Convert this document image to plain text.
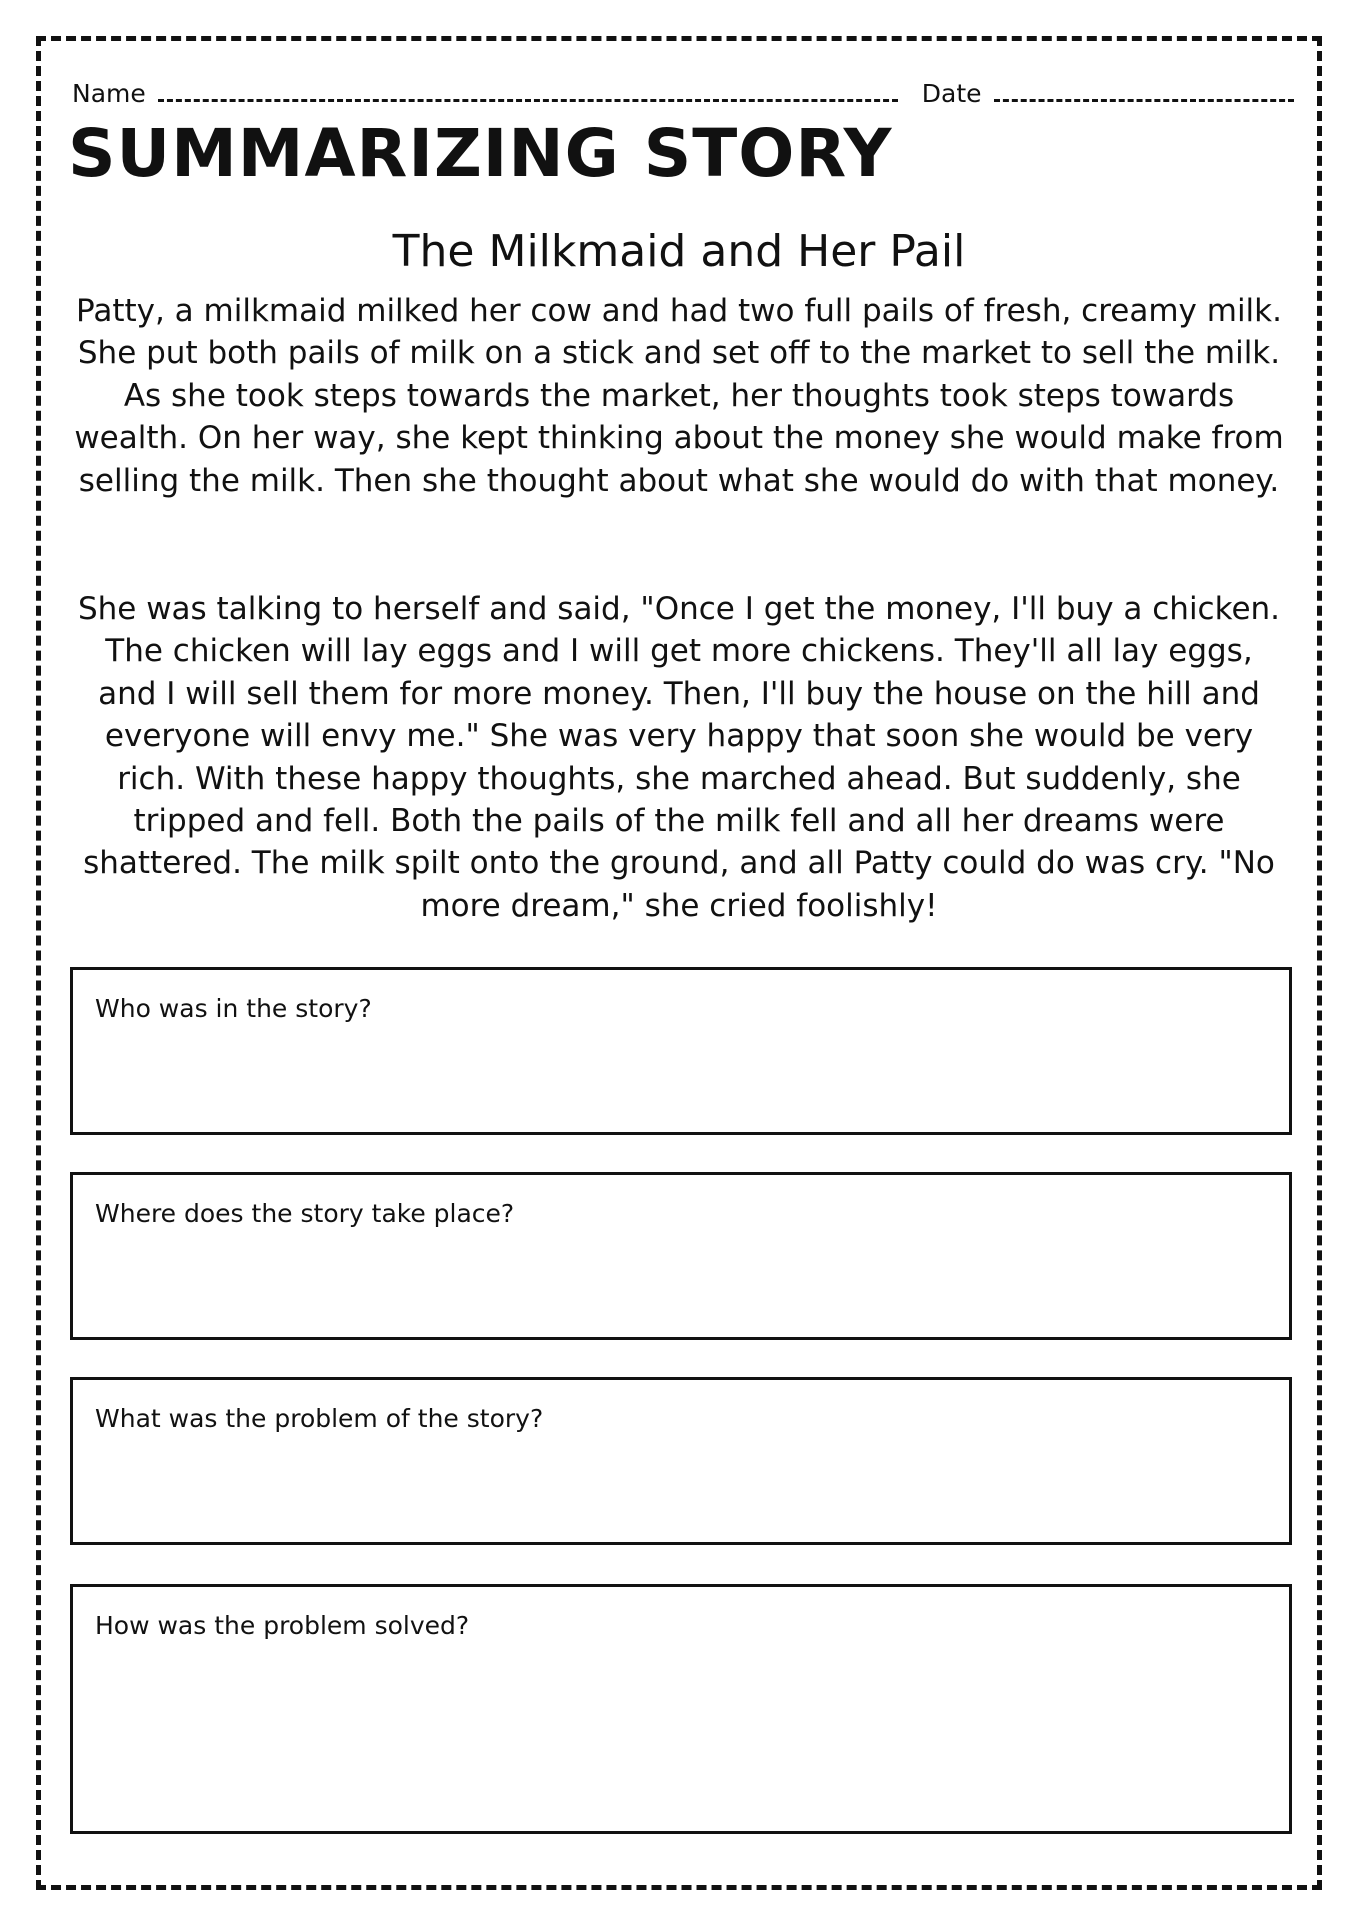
Name	Date
SUMMARIZING STORY
The Milkmaid and Her Pail

Patty, a milkmaid milked her cow and had two full pails of fresh, creamy milk. She put both pails of milk on a stick and set off to the market to sell the milk. As she took steps towards the market, her thoughts took steps towards wealth. On her way, she kept thinking about the money she would make from selling the milk. Then she thought about what she would do with that money.

She was talking to herself and said, "Once I get the money, I'll buy a chicken. The chicken will lay eggs and I will get more chickens. They'll all lay eggs, and I will sell them for more money. Then, I'll buy the house on the hill and everyone will envy me." She was very happy that soon she would be very rich. With these happy thoughts, she marched ahead. But suddenly, she tripped and fell. Both the pails of the milk fell and all her dreams were shattered. The milk spilt onto the ground, and all Patty could do was cry. "No more dream," she cried foolishly!

Who was in the story?
Where does the story take place?
What was the problem of the story?
How was the problem solved?
